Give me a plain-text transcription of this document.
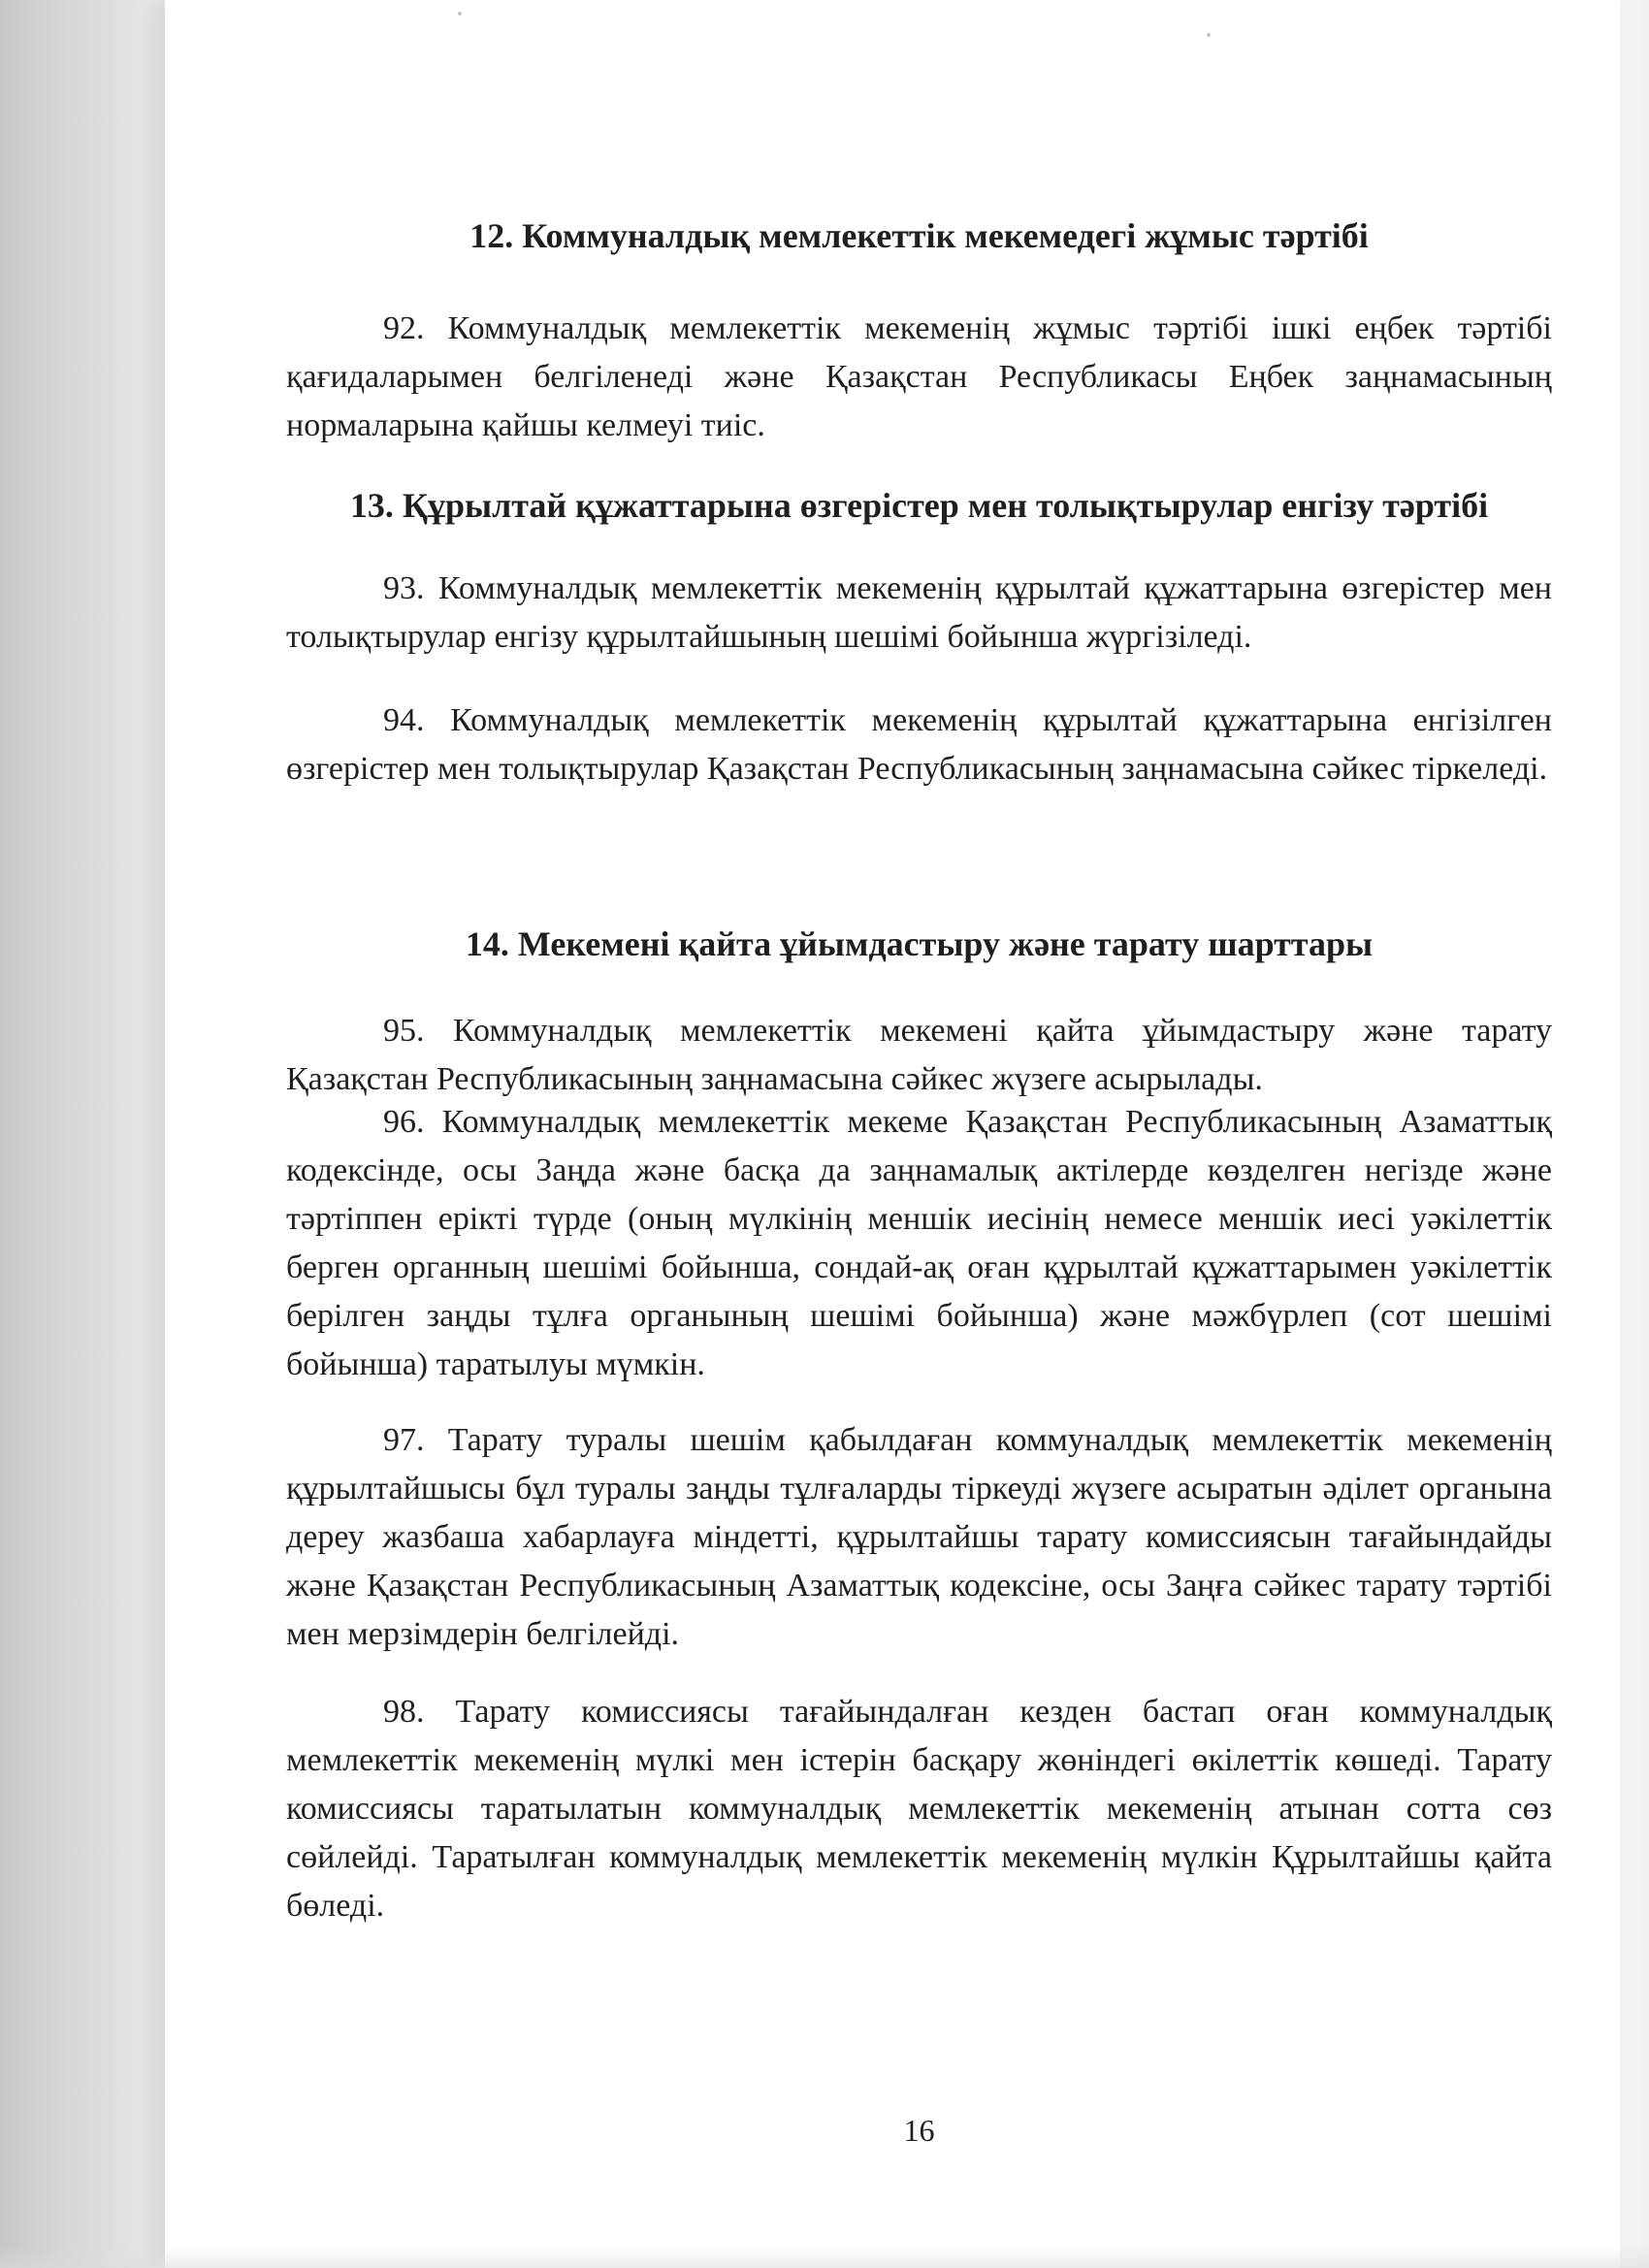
12. Коммуналдық мемлекеттік мекемедегі жұмыс тәртібі
92. Коммуналдық мемлекеттік мекеменің жұмыс тәртібі ішкі еңбек тәртібі қағидаларымен белгіленеді және Қазақстан Республикасы Еңбек заңнамасының нормаларына қайшы келмеуі тиіс.
13. Құрылтай құжаттарына өзгерістер мен толықтырулар енгізу тәртібі
93. Коммуналдық мемлекеттік мекеменің құрылтай құжаттарына өзгерістер мен толықтырулар енгізу құрылтайшының шешімі бойынша жүргізіледі.
94. Коммуналдық мемлекеттік мекеменің құрылтай құжаттарына енгізілген өзгерістер мен толықтырулар Қазақстан Республикасының заңнамасына сәйкес тіркеледі.
14. Мекемені қайта ұйымдастыру және тарату шарттары
95. Коммуналдық мемлекеттік мекемені қайта ұйымдастыру және тарату Қазақстан Республикасының заңнамасына сәйкес жүзеге асырылады.
96. Коммуналдық мемлекеттік мекеме Қазақстан Республикасының Азаматтық кодексінде, осы Заңда және басқа да заңнамалық актілерде көзделген негізде және тәртіппен ерікті түрде (оның мүлкінің меншік иесінің немесе меншік иесі уәкілеттік берген органның шешімі бойынша, сондай-ақ оған құрылтай құжаттарымен уәкілеттік берілген заңды тұлға органының шешімі бойынша) және мәжбүрлеп (сот шешімі бойынша) таратылуы мүмкін.
97. Тарату туралы шешім қабылдаған коммуналдық мемлекеттік мекеменің құрылтайшысы бұл туралы заңды тұлғаларды тіркеуді жүзеге асыратын әділет органына дереу жазбаша хабарлауға міндетті, құрылтайшы тарату комиссиясын тағайындайды және Қазақстан Республикасының Азаматтық кодексіне, осы Заңға сәйкес тарату тәртібі мен мерзімдерін белгілейді.
98. Тарату комиссиясы тағайындалған кезден бастап оған коммуналдық мемлекеттік мекеменің мүлкі мен істерін басқару жөніндегі өкілеттік көшеді. Тарату комиссиясы таратылатын коммуналдық мемлекеттік мекеменің атынан сотта сөз сөйлейді. Таратылған коммуналдық мемлекеттік мекеменің мүлкін Құрылтайшы қайта бөледі.
16
